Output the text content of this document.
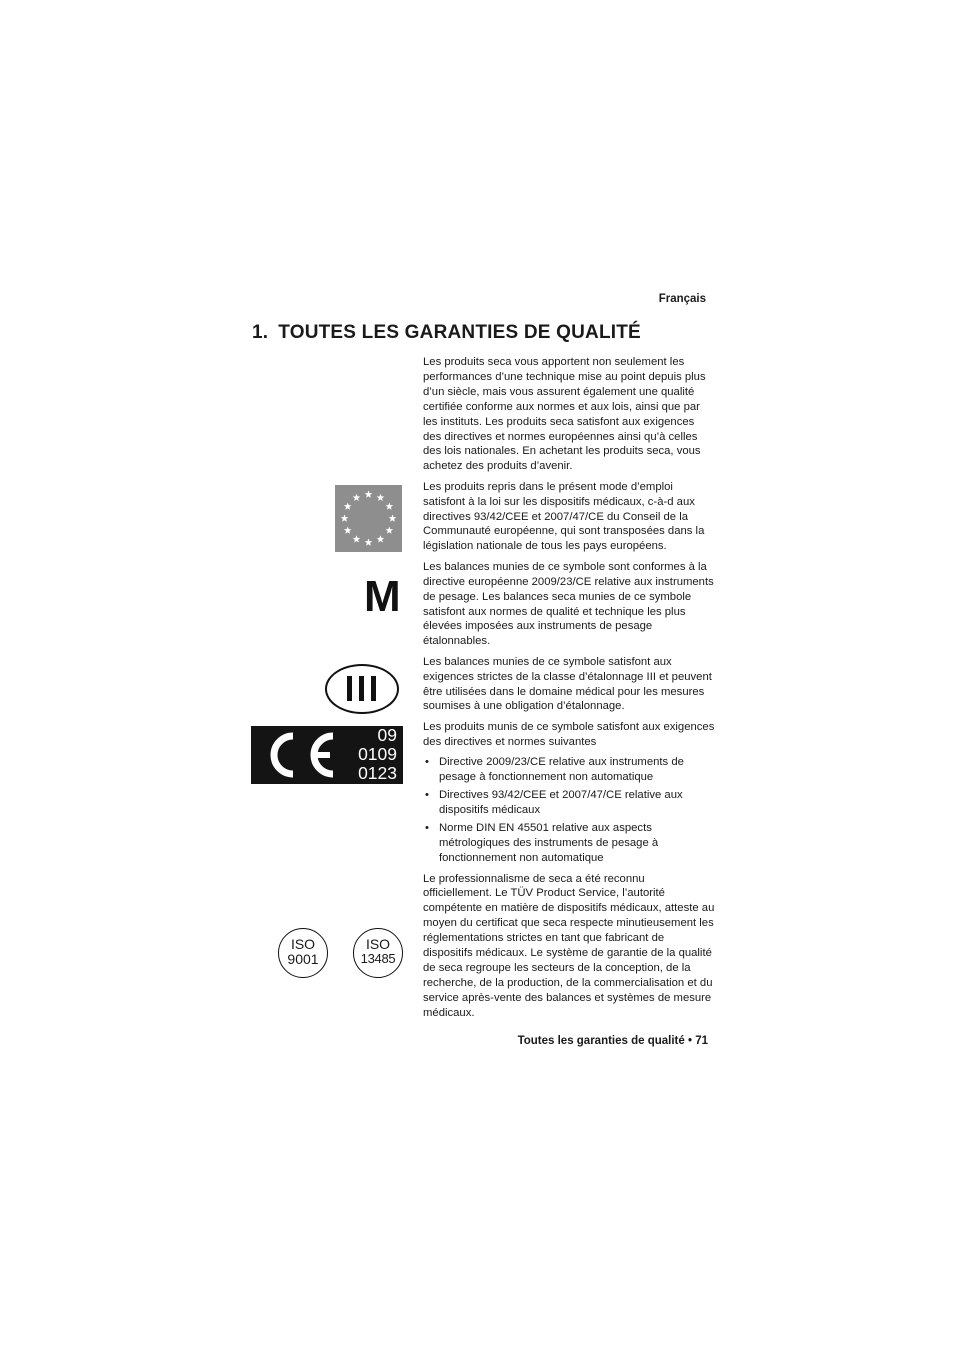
Français
1. TOUTES LES GARANTIES DE QUALITÉ
M
09
0109
0123
ISO
9001
ISO
13485

Les produits seca vous apportent non seulement les performances d’une technique mise au point depuis plus d’un siècle, mais vous assurent également une qualité certifiée conforme aux normes et aux lois, ainsi que par les instituts. Les produits seca satisfont aux exigences des directives et normes européennes ainsi qu’à celles des lois nationales. En achetant les produits seca, vous achetez des produits d’avenir.

Les produits repris dans le présent mode d’emploi satisfont à la loi sur les dispositifs médicaux, c-à-d aux directives 93/42/CEE et 2007/47/CE du Conseil de la Communauté européenne, qui sont transposées dans la législation nationale de tous les pays européens.

Les balances munies de ce symbole sont conformes à la directive européenne 2009/23/CE relative aux instruments de pesage. Les balances seca munies de ce symbole satisfont aux normes de qualité et technique les plus élevées imposées aux instruments de pesage étalonnables.

Les balances munies de ce symbole satisfont aux exigences strictes de la classe d’étalonnage III et peuvent être utilisées dans le domaine médical pour les mesures soumises à une obligation d’étalonnage.

Les produits munis de ce symbole satisfont aux exigences des directives et normes suivantes

• Directive 2009/23/CE relative aux instruments de pesage à fonctionnement non automatique
• Directives 93/42/CEE et 2007/47/CE relative aux dispositifs médicaux
• Norme DIN EN 45501 relative aux aspects métrologiques des instruments de pesage à fonctionnement non automatique

Le professionnalisme de seca a été reconnu officiellement. Le TÜV Product Service, l’autorité compétente en matière de dispositifs médicaux, atteste au moyen du certificat que seca respecte minutieusement les réglementations strictes en tant que fabricant de dispositifs médicaux. Le système de garantie de la qualité de seca regroupe les secteurs de la conception, de la recherche, de la production, de la commercialisation et du service après-vente des balances et systèmes de mesure médicaux.

Toutes les garanties de qualité • 71
